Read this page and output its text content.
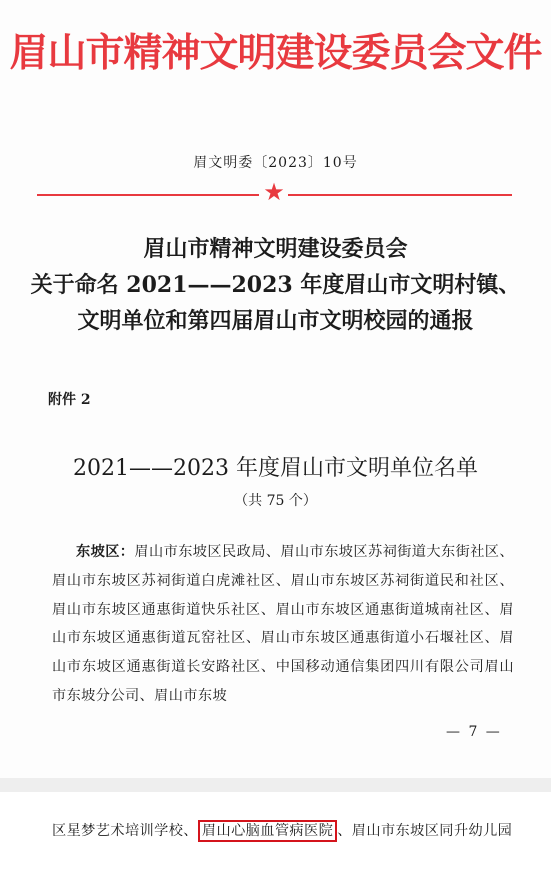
眉山市精神文明建设委员会文件
眉文明委〔2023〕10号
★
眉山市精神文明建设委员会
关于命名 2021——2023 年度眉山市文明村镇、
文明单位和第四届眉山市文明校园的通报
附件 2
2021——2023 年度眉山市文明单位名单
（共 75 个）
东坡区：眉山市东坡区民政局、眉山市东坡区苏祠街道大东街社区、眉山市东坡区苏祠街道白虎滩社区、眉山市东坡区苏祠街道民和社区、眉山市东坡区通惠街道快乐社区、眉山市东坡区通惠街道城南社区、眉山市东坡区通惠街道瓦窑社区、眉山市东坡区通惠街道小石堰社区、眉山市东坡区通惠街道长安路社区、中国移动通信集团四川有限公司眉山市东坡分公司、眉山市东坡
— 7 —
区星梦艺术培训学校、 眉山心脑血管病医院 、眉山市东坡区同升幼儿园
